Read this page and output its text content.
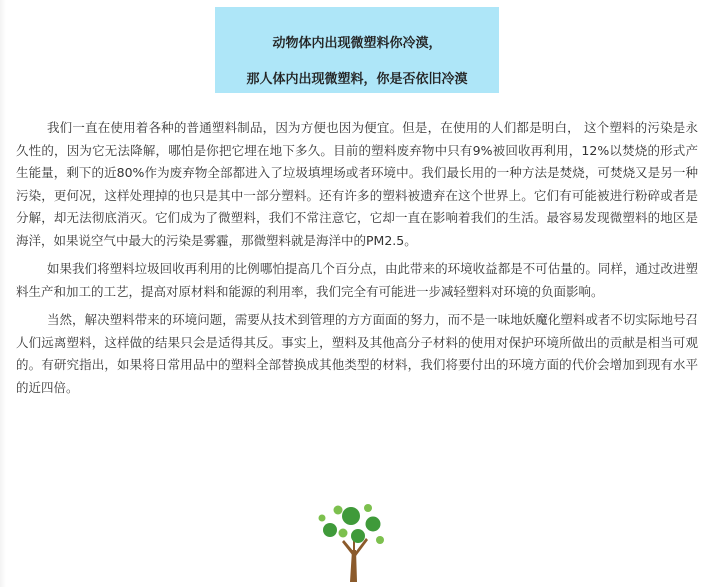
动物体内出现微塑料你冷漠，
那人体内出现微塑料，你是否依旧冷漠

我们一直在使用着各种的普通塑料制品，因为方便也因为便宜。但是，在使用的人们都是明白， 这个塑料的污染是永久性的，因为它无法降解，哪怕是你把它埋在地下多久。目前的塑料废弃物中只有9%被回收再利用，12%以焚烧的形式产生能量，剩下的近80%作为废弃物全部都进入了垃圾填埋场或者环境中。我们最长用的一种方法是焚烧，可焚烧又是另一种污染，更何况，这样处理掉的也只是其中一部分塑料。还有许多的塑料被遗弃在这个世界上。它们有可能被进行粉碎或者是分解，却无法彻底消灭。它们成为了微塑料，我们不常注意它，它却一直在影响着我们的生活。最容易发现微塑料的地区是海洋，如果说空气中最大的污染是雾霾，那微塑料就是海洋中的PM2.5。

如果我们将塑料垃圾回收再利用的比例哪怕提高几个百分点，由此带来的环境收益都是不可估量的。同样，通过改进塑料生产和加工的工艺，提高对原材料和能源的利用率，我们完全有可能进一步减轻塑料对环境的负面影响。

当然，解决塑料带来的环境问题，需要从技术到管理的方方面面的努力，而不是一味地妖魔化塑料或者不切实际地号召人们远离塑料，这样做的结果只会是适得其反。事实上，塑料及其他高分子材料的使用对保护环境所做出的贡献是相当可观的。有研究指出，如果将日常用品中的塑料全部替换成其他类型的材料，我们将要付出的环境方面的代价会增加到现有水平的近四倍。
